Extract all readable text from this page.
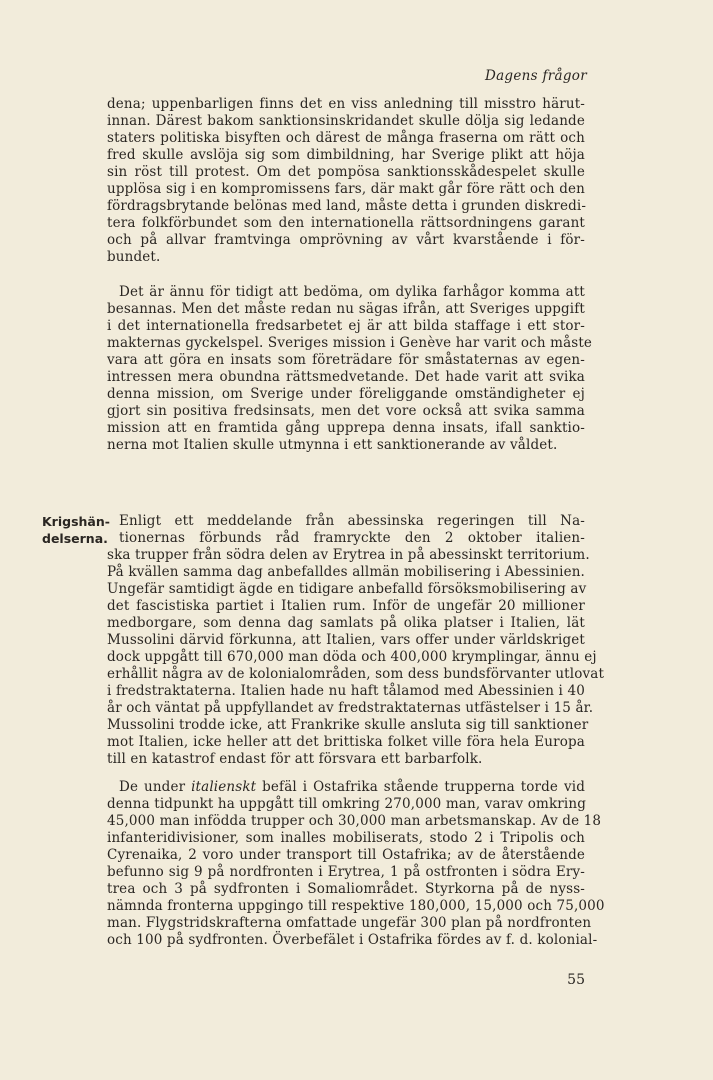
Dagens frågor
dena; uppenbarligen finns det en viss anledning till misstro härut-
innan. Därest bakom sanktionsinskridandet skulle dölja sig ledande
staters politiska bisyften och därest de många fraserna om rätt och
fred skulle avslöja sig som dimbildning, har Sverige plikt att höja
sin röst till protest. Om det pompösa sanktionsskådespelet skulle
upplösa sig i en kompromissens fars, där makt går före rätt och den
fördragsbrytande belönas med land, måste detta i grunden diskredi-
tera folkförbundet som den internationella rättsordningens garant
och på allvar framtvinga omprövning av vårt kvarstående i för-
bundet.
Det är ännu för tidigt att bedöma, om dylika farhågor komma att
besannas. Men det måste redan nu sägas ifrån, att Sveriges uppgift
i det internationella fredsarbetet ej är att bilda staffage i ett stor-
makternas gyckelspel. Sveriges mission i Genève har varit och måste
vara att göra en insats som företrädare för småstaternas av egen-
intressen mera obundna rättsmedvetande. Det hade varit att svika
denna mission, om Sverige under föreliggande omständigheter ej
gjort sin positiva fredsinsats, men det vore också att svika samma
mission att en framtida gång upprepa denna insats, ifall sanktio-
nerna mot Italien skulle utmynna i ett sanktionerande av våldet.
Krigshän-
delserna.
Enligt ett meddelande från abessinska regeringen till Na-
tionernas förbunds råd framryckte den 2 oktober italien-
ska trupper från södra delen av Erytrea in på abessinskt territorium.
På kvällen samma dag anbefalldes allmän mobilisering i Abessinien.
Ungefär samtidigt ägde en tidigare anbefalld försöksmobilisering av
det fascistiska partiet i Italien rum. Inför de ungefär 20 millioner
medborgare, som denna dag samlats på olika platser i Italien, lät
Mussolini därvid förkunna, att Italien, vars offer under världskriget
dock uppgått till 670,000 man döda och 400,000 krymplingar, ännu ej
erhållit några av de kolonialområden, som dess bundsförvanter utlovat
i fredstraktaterna. Italien hade nu haft tålamod med Abessinien i 40
år och väntat på uppfyllandet av fredstraktaternas utfästelser i 15 år.
Mussolini trodde icke, att Frankrike skulle ansluta sig till sanktioner
mot Italien, icke heller att det brittiska folket ville föra hela Europa
till en katastrof endast för att försvara ett barbarfolk.
De under italienskt befäl i Ostafrika stående trupperna torde vid
denna tidpunkt ha uppgått till omkring 270,000 man, varav omkring
45,000 man infödda trupper och 30,000 man arbetsmanskap. Av de 18
infanteridivisioner, som inalles mobiliserats, stodo 2 i Tripolis och
Cyrenaika, 2 voro under transport till Ostafrika; av de återstående
befunno sig 9 på nordfronten i Erytrea, 1 på ostfronten i södra Ery-
trea och 3 på sydfronten i Somaliområdet. Styrkorna på de nyss-
nämnda fronterna uppgingo till respektive 180,000, 15,000 och 75,000
man. Flygstridskrafterna omfattade ungefär 300 plan på nordfronten
och 100 på sydfronten. Överbefälet i Ostafrika fördes av f. d. kolonial-
55
